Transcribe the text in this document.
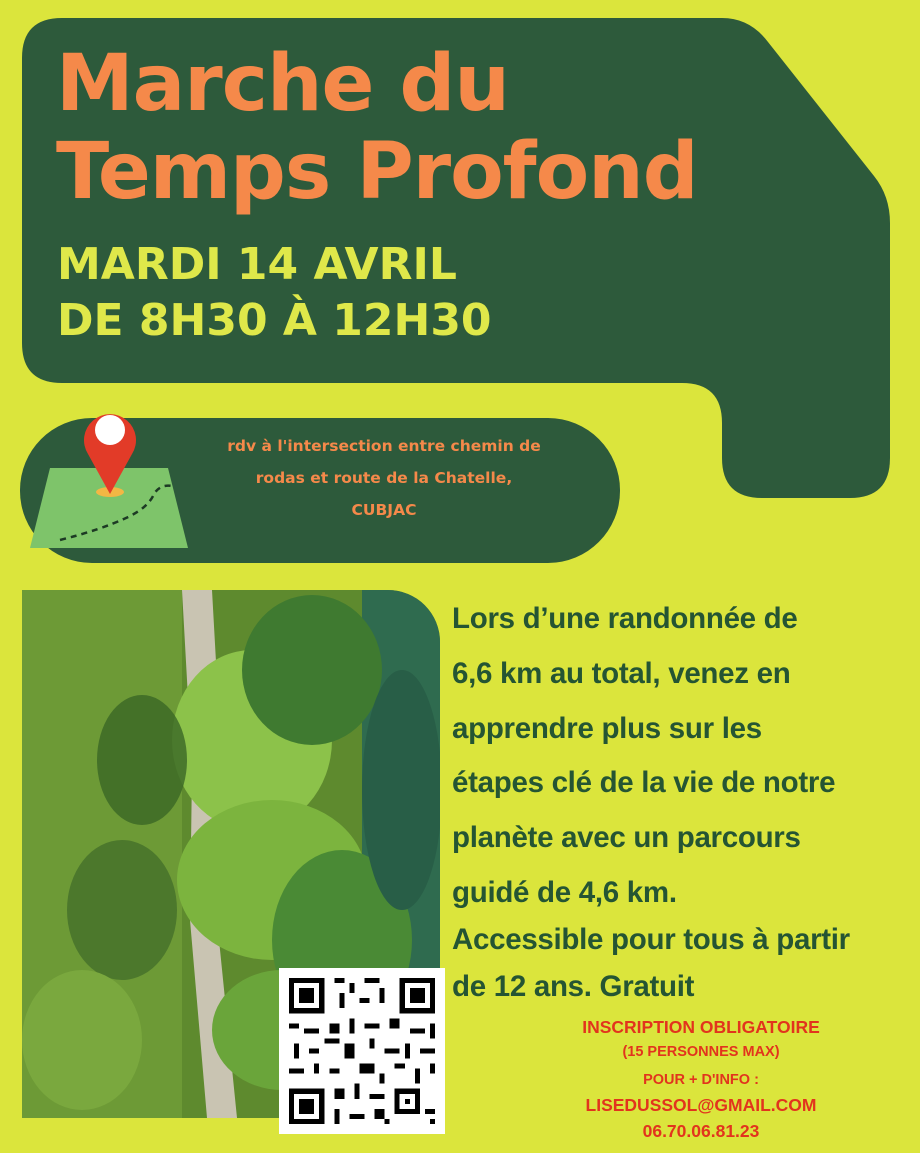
Marche du
Temps Profond
MARDI 14 AVRIL
DE 8H30 À 12H30
rdv à l'intersection entre chemin de
rodas et route de la Chatelle,
CUBJAC
Lors d’une randonnée de
6,6 km au total, venez en
apprendre plus sur les
étapes clé de la vie de notre
planète avec un parcours
guidé de 4,6 km.
Accessible pour tous à partir
de 12 ans. Gratuit
INSCRIPTION OBLIGATOIRE
(15 PERSONNES MAX)
POUR + D'INFO :
LISEDUSSOL@GMAIL.COM
06.70.06.81.23
